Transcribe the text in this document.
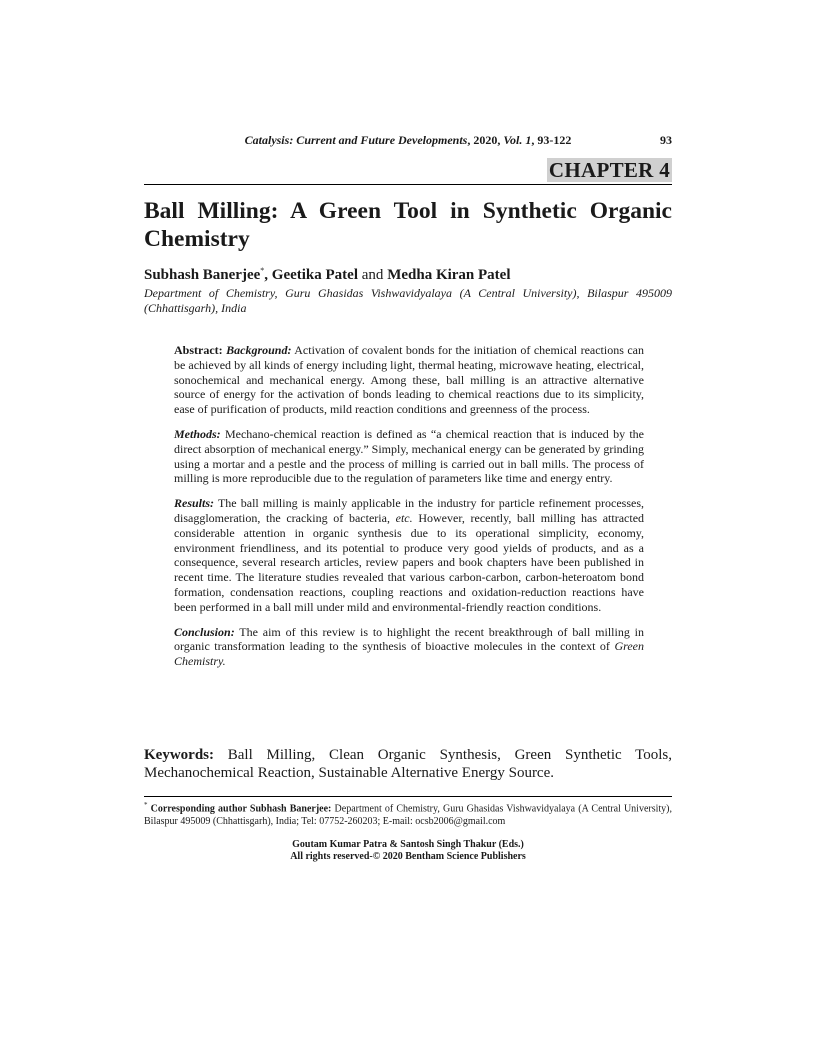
Catalysis: Current and Future Developments, 2020, Vol. 1, 93-122	93
CHAPTER 4
Ball Milling: A Green Tool in Synthetic Organic Chemistry
Subhash Banerjee*, Geetika Patel and Medha Kiran Patel
Department of Chemistry, Guru Ghasidas Vishwavidyalaya (A Central University), Bilaspur 495009 (Chhattisgarh), India

Abstract: Background: Activation of covalent bonds for the initiation of chemical reactions can be achieved by all kinds of energy including light, thermal heating, microwave heating, electrical, sonochemical and mechanical energy. Among these, ball milling is an attractive alternative source of energy for the activation of bonds leading to chemical reactions due to its simplicity, ease of purification of products, mild reaction conditions and greenness of the process.

Methods: Mechano-chemical reaction is defined as “a chemical reaction that is induced by the direct absorption of mechanical energy.” Simply, mechanical energy can be generated by grinding using a mortar and a pestle and the process of milling is carried out in ball mills. The process of milling is more reproducible due to the regulation of parameters like time and energy entry.

Results: The ball milling is mainly applicable in the industry for particle refinement processes, disagglomeration, the cracking of bacteria, etc. However, recently, ball milling has attracted considerable attention in organic synthesis due to its operational simplicity, economy, environment friendliness, and its potential to produce very good yields of products, and as a consequence, several research articles, review papers and book chapters have been published in recent time. The literature studies revealed that various carbon-carbon, carbon-heteroatom bond formation, condensation reactions, coupling reactions and oxidation-reduction reactions have been performed in a ball mill under mild and environmental-friendly reaction conditions.

Conclusion: The aim of this review is to highlight the recent breakthrough of ball milling in organic transformation leading to the synthesis of bioactive molecules in the context of Green Chemistry.

Keywords: Ball Milling, Clean Organic Synthesis, Green Synthetic Tools, Mechanochemical Reaction, Sustainable Alternative Energy Source.
* Corresponding author Subhash Banerjee: Department of Chemistry, Guru Ghasidas Vishwavidyalaya (A Central University), Bilaspur 495009 (Chhattisgarh), India; Tel: 07752-260203; E-mail: ocsb2006@gmail.com
Goutam Kumar Patra & Santosh Singh Thakur (Eds.)
All rights reserved-© 2020 Bentham Science Publishers
